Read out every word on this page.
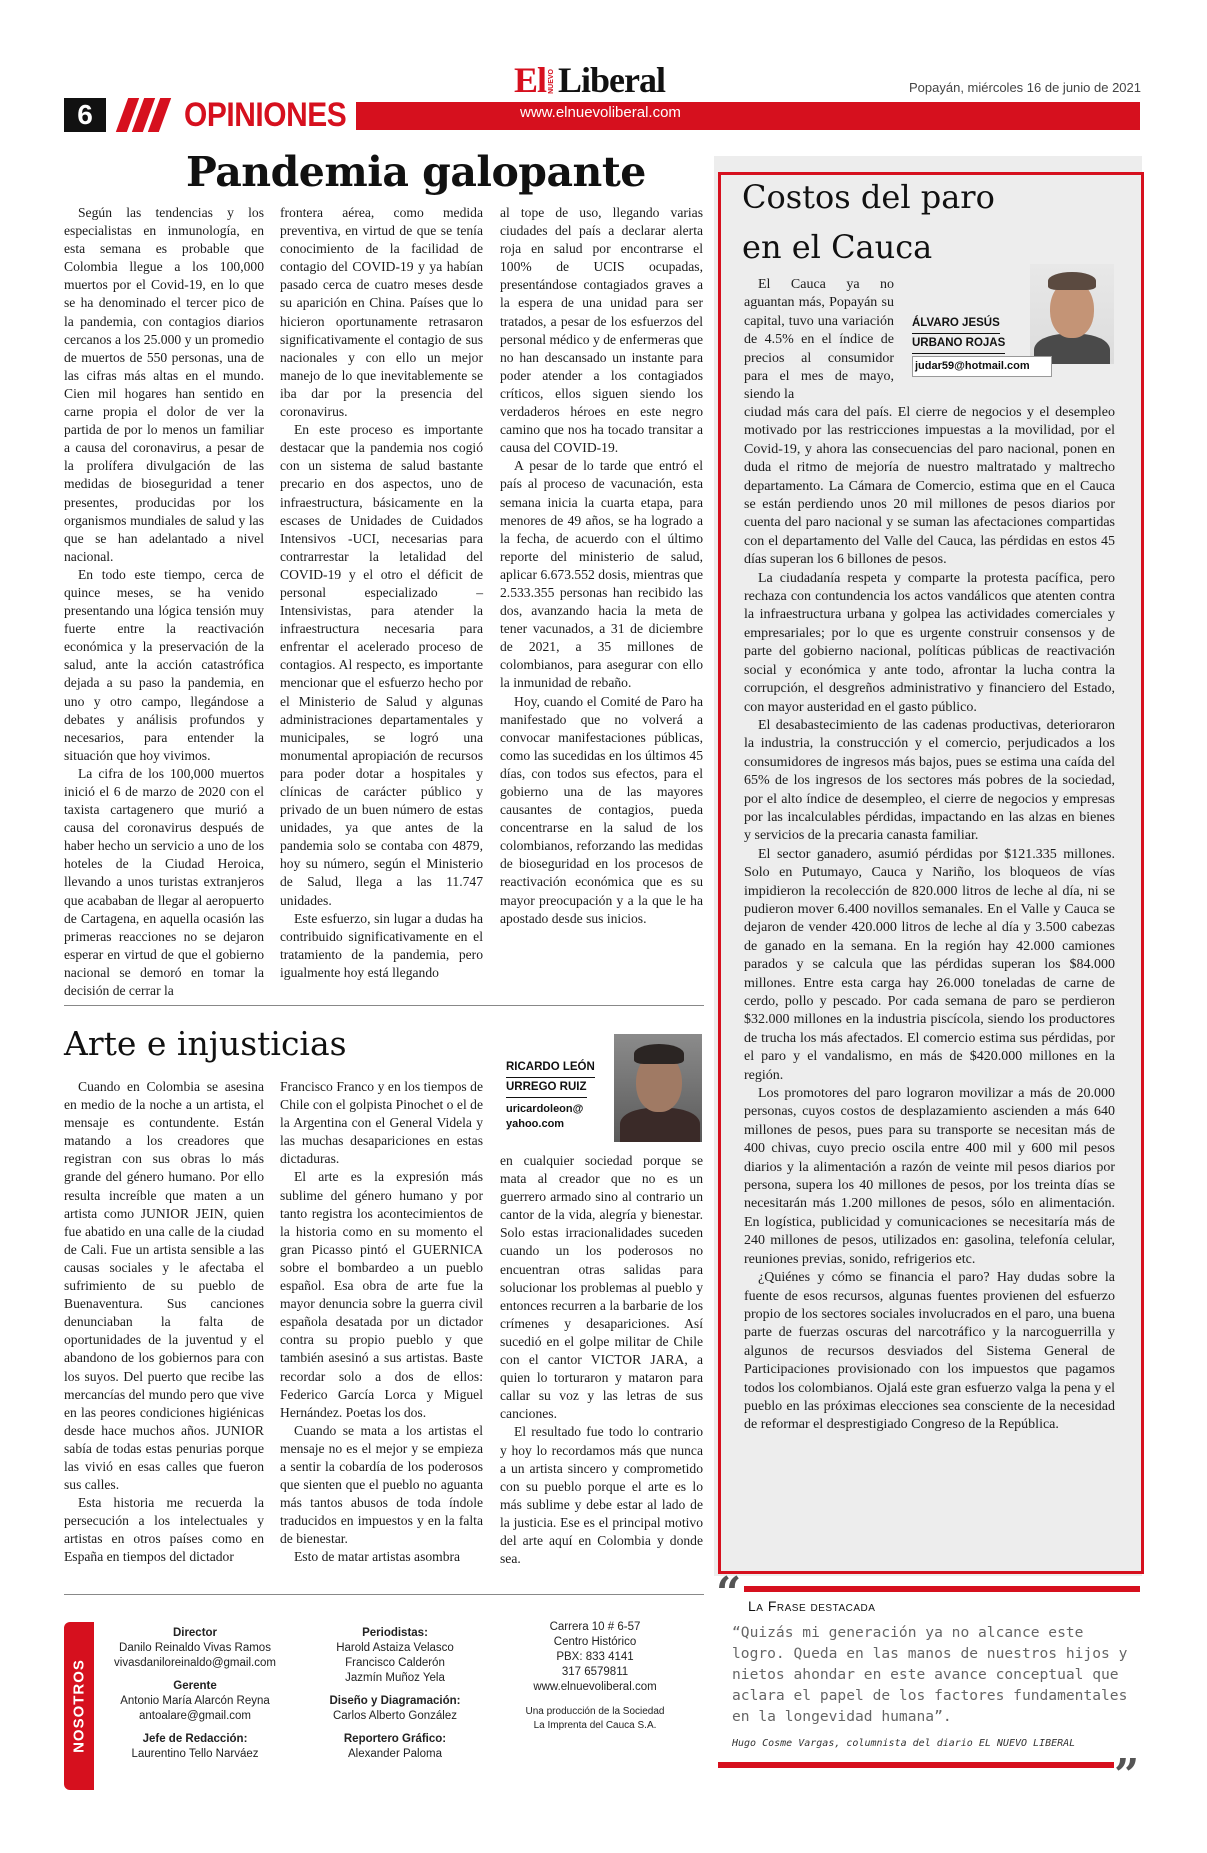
6	OPINIONES
El NUEVO Liberal
www.elnuevoliberal.com
Popayán, miércoles 16 de junio de 2021
Pandemia galopante

Según las tendencias y los especialistas en inmunología, en esta semana es probable que Colombia llegue a los 100,000 muertos por el Covid-19, en lo que se ha denominado el tercer pico de la pandemia, con contagios diarios cercanos a los 25.000 y un promedio de muertos de 550 personas, una de las cifras más altas en el mundo. Cien mil hogares han sentido en carne propia el dolor de ver la partida de por lo menos un familiar a causa del coronavirus, a pesar de la prolífera divulgación de las medidas de bioseguridad a tener presentes, producidas por los organismos mundiales de salud y las que se han adelantado a nivel nacional.

En todo este tiempo, cerca de quince meses, se ha venido presentando una lógica tensión muy fuerte entre la reactivación económica y la preservación de la salud, ante la acción catastrófica dejada a su paso la pandemia, en uno y otro campo, llegándose a debates y análisis profundos y necesarios, para entender la situación que hoy vivimos.

La cifra de los 100,000 muertos inició el 6 de marzo de 2020 con el taxista cartagenero que murió a causa del coronavirus después de haber hecho un servicio a uno de los hoteles de la Ciudad Heroica, llevando a unos turistas extranjeros que acababan de llegar al aeropuerto de Cartagena, en aquella ocasión las primeras reacciones no se dejaron esperar en virtud de que el gobierno nacional se demoró en tomar la decisión de cerrar la

frontera aérea, como medida preventiva, en virtud de que se tenía conocimiento de la facilidad de contagio del COVID-19 y ya habían pasado cerca de cuatro meses desde su aparición en China. Países que lo hicieron oportunamente retrasaron significativamente el contagio de sus nacionales y con ello un mejor manejo de lo que inevitablemente se iba dar por la presencia del coronavirus.

En este proceso es importante destacar que la pandemia nos cogió con un sistema de salud bastante precario en dos aspectos, uno de infraestructura, básicamente en la escases de Unidades de Cuidados Intensivos -UCI, necesarias para contrarrestar la letalidad del COVID-19 y el otro el déficit de personal especializado –Intensivistas, para atender la infraestructura necesaria para enfrentar el acelerado proceso de contagios. Al respecto, es importante mencionar que el esfuerzo hecho por el Ministerio de Salud y algunas administraciones departamentales y municipales, se logró una monumental apropiación de recursos para poder dotar a hospitales y clínicas de carácter público y privado de un buen número de estas unidades, ya que antes de la pandemia solo se contaba con 4879, hoy su número, según el Ministerio de Salud, llega a las 11.747 unidades.

Este esfuerzo, sin lugar a dudas ha contribuido significativamente en el tratamiento de la pandemia, pero igualmente hoy está llegando

al tope de uso, llegando varias ciudades del país a declarar alerta roja en salud por encontrarse el 100% de UCIS ocupadas, presentándose contagiados graves a la espera de una unidad para ser tratados, a pesar de los esfuerzos del personal médico y de enfermeras que no han descansado un instante para poder atender a los contagiados críticos, ellos siguen siendo los verdaderos héroes en este negro camino que nos ha tocado transitar a causa del COVID-19.

A pesar de lo tarde que entró el país al proceso de vacunación, esta semana inicia la cuarta etapa, para menores de 49 años, se ha logrado a la fecha, de acuerdo con el último reporte del ministerio de salud, aplicar 6.673.552 dosis, mientras que 2.533.355 personas han recibido las dos, avanzando hacia la meta de tener vacunados, a 31 de diciembre de 2021, a 35 millones de colombianos, para asegurar con ello la inmunidad de rebaño.

Hoy, cuando el Comité de Paro ha manifestado que no volverá a convocar manifestaciones públicas, como las sucedidas en los últimos 45 días, con todos sus efectos, para el gobierno una de las mayores causantes de contagios, pueda concentrarse en la salud de los colombianos, reforzando las medidas de bioseguridad en los procesos de reactivación económica que es su mayor preocupación y a la que le ha apostado desde sus inicios.

Arte e injusticias
RICARDO LEÓN
URREGO RUIZ
uricardoleon@
yahoo.com

Cuando en Colombia se asesina en medio de la noche a un artista, el mensaje es contundente. Están matando a los creadores que registran con sus obras lo más grande del género humano. Por ello resulta increíble que maten a un artista como JUNIOR JEIN, quien fue abatido en una calle de la ciudad de Cali. Fue un artista sensible a las causas sociales y le afectaba el sufrimiento de su pueblo de Buenaventura. Sus canciones denunciaban la falta de oportunidades de la juventud y el abandono de los gobiernos para con los suyos. Del puerto que recibe las mercancías del mundo pero que vive en las peores condiciones higiénicas desde hace muchos años. JUNIOR sabía de todas estas penurias porque las vivió en esas calles que fueron sus calles.

Esta historia me recuerda la persecución a los intelectuales y artistas en otros países como en España en tiempos del dictador

Francisco Franco y en los tiempos de Chile con el golpista Pinochet o el de la Argentina con el General Videla y las muchas desapariciones en estas dictaduras.

El arte es la expresión más sublime del género humano y por tanto registra los acontecimientos de la historia como en su momento el gran Picasso pintó el GUERNICA sobre el bombardeo a un pueblo español. Esa obra de arte fue la mayor denuncia sobre la guerra civil española desatada por un dictador contra su propio pueblo y que también asesinó a sus artistas. Baste recordar solo a dos de ellos: Federico García Lorca y Miguel Hernández. Poetas los dos.

Cuando se mata a los artistas el mensaje no es el mejor y se empieza a sentir la cobardía de los poderosos que sienten que el pueblo no aguanta más tantos abusos de toda índole traducidos en impuestos y en la falta de bienestar.

Esto de matar artistas asombra

en cualquier sociedad porque se mata al creador que no es un guerrero armado sino al contrario un cantor de la vida, alegría y bienestar. Solo estas irracionalidades suceden cuando un los poderosos no encuentran otras salidas para solucionar los problemas al pueblo y entonces recurren a la barbarie de los crímenes y desapariciones. Así sucedió en el golpe militar de Chile con el cantor VICTOR JARA, a quien lo torturaron y mataron para callar su voz y las letras de sus canciones.

El resultado fue todo lo contrario y hoy lo recordamos más que nunca a un artista sincero y comprometido con su pueblo porque el arte es lo más sublime y debe estar al lado de la justicia. Ese es el principal motivo del arte aquí en Colombia y donde sea.

Costos del paro en el Cauca
ÁLVARO JESÚS
URBANO ROJAS
judar59@hotmail.com

El Cauca ya no aguantan más, Popayán su capital, tuvo una variación de 4.5% en el índice de precios al consumidor para el mes de mayo, siendo la

ciudad más cara del país. El cierre de negocios y el desempleo motivado por las restricciones impuestas a la movilidad, por el Covid-19, y ahora las consecuencias del paro nacional, ponen en duda el ritmo de mejoría de nuestro maltratado y maltrecho departamento. La Cámara de Comercio, estima que en el Cauca se están perdiendo unos 20 mil millones de pesos diarios por cuenta del paro nacional y se suman las afectaciones compartidas con el departamento del Valle del Cauca, las pérdidas en estos 45 días superan los 6 billones de pesos.

La ciudadanía respeta y comparte la protesta pacífica, pero rechaza con contundencia los actos vandálicos que atenten contra la infraestructura urbana y golpea las actividades comerciales y empresariales; por lo que es urgente construir consensos y de parte del gobierno nacional, políticas públicas de reactivación social y económica y ante todo, afrontar la lucha contra la corrupción, el desgreños administrativo y financiero del Estado, con mayor austeridad en el gasto público.

El desabastecimiento de las cadenas productivas, deterioraron la industria, la construcción y el comercio, perjudicados a los consumidores de ingresos más bajos, pues se estima una caída del 65% de los ingresos de los sectores más pobres de la sociedad, por el alto índice de desempleo, el cierre de negocios y empresas por las incalculables pérdidas, impactando en las alzas en bienes y servicios de la precaria canasta familiar.

El sector ganadero, asumió pérdidas por $121.335 millones. Solo en Putumayo, Cauca y Nariño, los bloqueos de vías impidieron la recolección de 820.000 litros de leche al día, ni se pudieron mover 6.400 novillos semanales. En el Valle y Cauca se dejaron de vender 420.000 litros de leche al día y 3.500 cabezas de ganado en la semana. En la región hay 42.000 camiones parados y se calcula que las pérdidas superan los $84.000 millones. Entre esta carga hay 26.000 toneladas de carne de cerdo, pollo y pescado. Por cada semana de paro se perdieron $32.000 millones en la industria piscícola, siendo los productores de trucha los más afectados. El comercio estima sus pérdidas, por el paro y el vandalismo, en más de $420.000 millones en la región.

Los promotores del paro lograron movilizar a más de 20.000 personas, cuyos costos de desplazamiento ascienden a más 640 millones de pesos, pues para su transporte se necesitan más de 400 chivas, cuyo precio oscila entre 400 mil y 600 mil pesos diarios y la alimentación a razón de veinte mil pesos diarios por persona, supera los 40 millones de pesos, por los treinta días se necesitarán más 1.200 millones de pesos, sólo en alimentación. En logística, publicidad y comunicaciones se necesitaría más de 240 millones de pesos, utilizados en: gasolina, telefonía celular, reuniones previas, sonido, refrigerios etc.

¿Quiénes y cómo se financia el paro? Hay dudas sobre la fuente de esos recursos, algunas fuentes provienen del esfuerzo propio de los sectores sociales involucrados en el paro, una buena parte de fuerzas oscuras del narcotráfico y la narcoguerrilla y algunos de recursos desviados del Sistema General de Participaciones provisionado con los impuestos que pagamos todos los colombianos. Ojalá este gran esfuerzo valga la pena y el pueblo en las próximas elecciones sea consciente de la necesidad de reformar el desprestigiado Congreso de la República.

“ La Frase destacada
“Quizás mi generación ya no alcance este logro. Queda en las manos de nuestros hijos y nietos ahondar en este avance conceptual que aclara el papel de los factores fundamentales en la longevidad humana”.
Hugo Cosme Vargas, columnista del diario EL NUEVO LIBERAL
”
NOSOTROS
Director
Danilo Reinaldo Vivas Ramos
vivasdaniloreinaldo@gmail.com
Gerente
Antonio María Alarcón Reyna
antoalare@gmail.com
Jefe de Redacción:
Laurentino Tello Narváez
Periodistas:
Harold Astaiza Velasco
Francisco Calderón
Jazmín Muñoz Yela
Diseño y Diagramación:
Carlos Alberto González
Reportero Gráfico:
Alexander Paloma
Carrera 10 # 6-57
Centro Histórico
PBX: 833 4141
317 6579811
www.elnuevoliberal.com
Una producción de la Sociedad
La Imprenta del Cauca S.A.
